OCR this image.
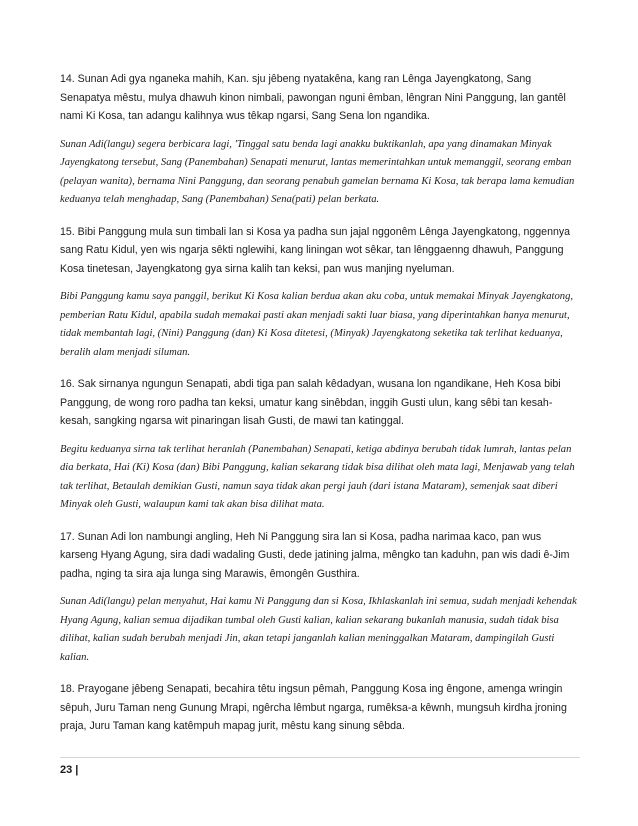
14. Sunan Adi gya nganeka mahih, Kan. sju jêbeng nyatakêna, kang ran Lênga Jayengkatong, Sang Senapatya mêstu, mulya dhawuh kinon nimbali, pawongan nguni êmban, lêngran Nini Panggung, lan gantêl nami Ki Kosa, tan adangu kalihnya wus têkap ngarsi, Sang Sena lon ngandika.

Sunan Adi(langu) segera berbicara lagi, 'Tinggal satu benda lagi anakku buktikanlah, apa yang dinamakan Minyak Jayengkatong tersebut, Sang (Panembahan) Senapati menurut, lantas memerintahkan untuk memanggil, seorang emban (pelayan wanita), bernama Nini Panggung, dan seorang penabuh gamelan bernama Ki Kosa, tak berapa lama kemudian keduanya telah menghadap, Sang (Panembahan) Sena(pati) pelan berkata.

15. Bibi Panggung mula sun timbali lan si Kosa ya padha sun jajal nggonêm Lênga Jayengkatong, nggennya sang Ratu Kidul, yen wis ngarja sêkti nglewihi, kang liningan wot sêkar, tan lênggaenng dhawuh, Panggung Kosa tinetesan, Jayengkatong gya sirna kalih tan keksi, pan wus manjing nyeluman.

Bibi Panggung kamu saya panggil, berikut Ki Kosa kalian berdua akan aku coba, untuk memakai Minyak Jayengkatong, pemberian Ratu Kidul, apabila sudah memakai pasti akan menjadi sakti luar biasa, yang diperintahkan hanya menurut, tidak membantah lagi, (Nini) Panggung (dan) Ki Kosa ditetesi, (Minyak) Jayengkatong seketika tak terlihat keduanya, beralih alam menjadi siluman.

16. Sak sirnanya ngungun Senapati, abdi tiga pan salah kêdadyan, wusana lon ngandikane, Heh Kosa bibi Panggung, de wong roro padha tan keksi, umatur kang sinêbdan, inggih Gusti ulun, kang sêbi tan kesah-kesah, sangking ngarsa wit pinaringan lisah Gusti, de mawi tan katinggal.

Begitu keduanya sirna tak terlihat heranlah (Panembahan) Senapati, ketiga abdinya berubah tidak lumrah, lantas pelan dia berkata, Hai (Ki) Kosa (dan) Bibi Panggung, kalian sekarang tidak bisa dilihat oleh mata lagi, Menjawab yang telah tak terlihat, Betaulah demikian Gusti, namun saya tidak akan pergi jauh (dari istana Mataram), semenjak saat diberi Minyak oleh Gusti, walaupun kami tak akan bisa dilihat mata.

17. Sunan Adi lon nambungi angling, Heh Ni Panggung sira lan si Kosa, padha narimaa kaco, pan wus karseng Hyang Agung, sira dadi wadaling Gusti, dede jatining jalma, mêngko tan kaduhn, pan wis dadi ê-Jim padha, nging ta sira aja lunga sing Marawis, êmongên Gusthira.

Sunan Adi(langu) pelan menyahut, Hai kamu Ni Panggung dan si Kosa, Ikhlaskanlah ini semua, sudah menjadi kehendak Hyang Agung, kalian semua dijadikan tumbal oleh Gusti kalian, kalian sekarang bukanlah manusia, sudah tidak bisa dilihat, kalian sudah berubah menjadi Jin, akan tetapi janganlah kalian meninggalkan Mataram, dampingilah Gusti kalian.

18. Prayogane jêbeng Senapati, becahira têtu ingsun pêmah, Panggung Kosa ing êngone, amenga wringin sêpuh, Juru Taman neng Gunung Mrapi, ngêrcha lêmbut ngarga, rumêksa-a kêwnh, mungsuh kirdha jroning praja, Juru Taman kang katêmpuh mapag jurit, mêstu kang sinung sêbda.

23 |
